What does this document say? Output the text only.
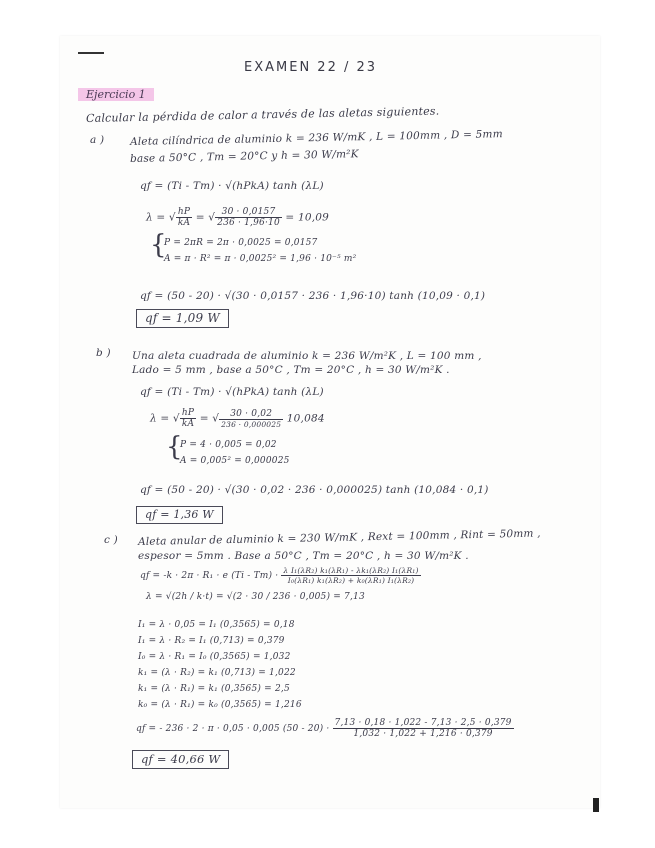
EXAMEN 22 / 23
Ejercicio 1
Calcular la pérdida de calor a través de las aletas siguientes.
a ) Aleta cilíndrica de aluminio k = 236 W/mK , L = 100mm , D = 5mm
base a 50°C , Tm = 20°C y h = 30 W/m²K
qf = (Ti - Tm) · √(hPkA) tanh (λL)
λ = √ $\frac{hP}{kA}$ = √ $\frac{30 \cdot 0,0157}{236 \cdot 1,96\cdot 10} = 10,09$
{
P = 2πR = 2π · 0,0025 = 0,0157
A = π · R² = π · 0,0025² = 1,96 · 10⁻⁵ m²
qf = (50 - 20) · √(30 · 0,0157 · 236 · 1,96·10) tanh (10,09 · 0,1)
qf = 1,09 W
b ) Una aleta cuadrada de aluminio k = 236 W/m²K , L = 100 mm ,
Lado = 5 mm , base a 50°C , Tm = 20°C , h = 30 W/m²K .
qf = (Ti - Tm) · √(hPkA) tanh (λL)
λ = √ $\frac{hP}{kA}$ = √	30 · 0,02
236 · 0,000025 10,084
{
P = 4 · 0,005 = 0,02
A = 0,005² = 0,000025
qf = (50 - 20) · √(30 · 0,02 · 236 · 0,000025) tanh (10,084 · 0,1)
qf = 1,36 W
c ) Aleta anular de aluminio k = 230 W/mK , Rext = 100mm , Rint = 50mm ,
espesor = 5mm . Base a 50°C , Tm = 20°C , h = 30 W/m²K .
qf = -k · 2π · R₁ · e $(Ti - Tm) \cdot \frac{\text{λ I₁(λR₂) k₁(λR₁) - λk₁(λR₂) I₁(λR₁)}}{\text{I₀(λR₁) k₁(λR₂) + k₀(λR₁) I₁(λR₂)}}$
λ = √(2h / k·t) = √(2 · 30 / 236 · 0,005) = 7,13
I₁ = λ · 0,05 = I₁ (0,3565) = 0,18
I₁ = λ · R₂ = I₁ (0,713) = 0,379
I₀ = λ · R₁ = I₀ (0,3565) = 1,032
k₁ = (λ · R₂) = k₁ (0,713) = 1,022
k₁ = (λ · R₁) = k₁ (0,3565) = 2,5
k₀ = (λ · R₁) = k₀ (0,3565) = 1,216
qf = - 236 · 2 · π · 0,05 · 0,005 $(50 - 20) \cdot \frac{7,13 \cdot 0,18 \cdot 1,022 - 7,13 \cdot 2,5 \cdot 0,379}{1,032 \cdot 1,022 + 1,216 \cdot 0,379}$
qf = 40,66 W
